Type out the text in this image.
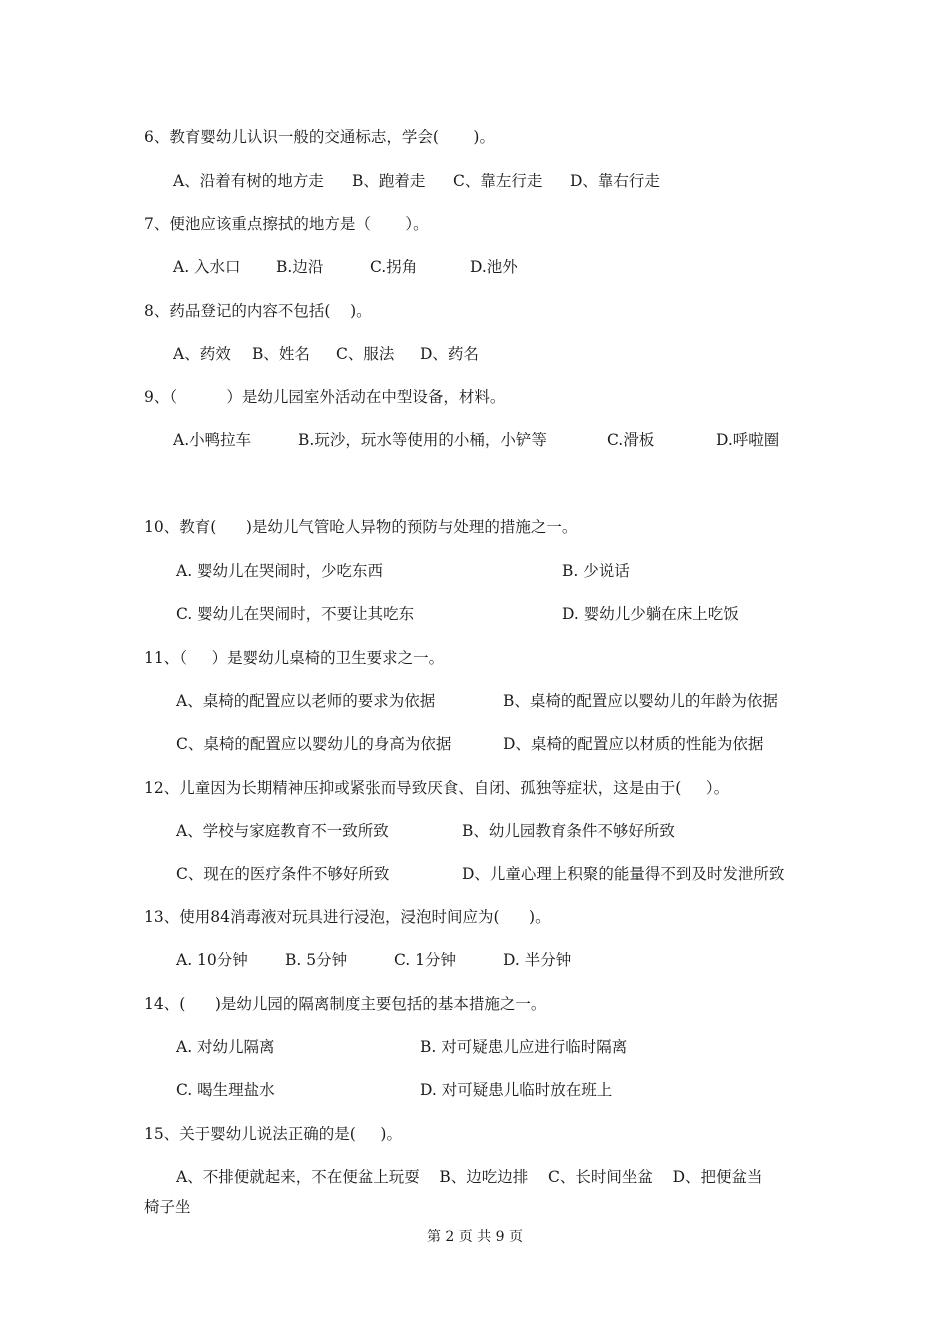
6、教育婴幼儿认识一般的交通标志，学会(       )。
A、沿着有树的地方走 B、跑着走 C、靠左行走 D、靠右行走
7、便池应该重点擦拭的地方是（       ）。
A. 入水口 B.边沿	C.拐角	D.池外
8、药品登记的内容不包括(    )。
A、药效 B、姓名 C、服法 D、药名
9、（          ）是幼儿园室外活动在中型设备，材料。
A.小鸭拉车	B.玩沙，玩水等使用的小桶，小铲等	C.滑板	D.呼啦圈
10、教育(      )是幼儿气管呛人异物的预防与处理的措施之一。
A. 婴幼儿在哭闹时，少吃东西	B. 少说话
C. 婴幼儿在哭闹时，不要让其吃东	D. 婴幼儿少躺在床上吃饭
11、（     ）是婴幼儿桌椅的卫生要求之一。
A、桌椅的配置应以老师的要求为依据	B、桌椅的配置应以婴幼儿的年龄为依据
C、桌椅的配置应以婴幼儿的身高为依据	D、桌椅的配置应以材质的性能为依据
12、儿童因为长期精神压抑或紧张而导致厌食、自闭、孤独等症状，这是由于(     ）。
A、学校与家庭教育不一致所致	B、幼儿园教育条件不够好所致
C、现在的医疗条件不够好所致	D、儿童心理上积聚的能量得不到及时发泄所致
13、使用84消毒液对玩具进行浸泡，浸泡时间应为(      )。
A. 10分钟 B. 5分钟	C. 1分钟	D. 半分钟
14、(      )是幼儿园的隔离制度主要包括的基本措施之一。
A. 对幼儿隔离	B. 对可疑患儿应进行临时隔离
C. 喝生理盐水	D. 对可疑患儿临时放在班上
15、关于婴幼儿说法正确的是(     )。
A、不排便就起来，不在便盆上玩耍    B、边吃边排    C、长时间坐盆    D、把便盆当
椅子坐
第 2 页 共 9 页
